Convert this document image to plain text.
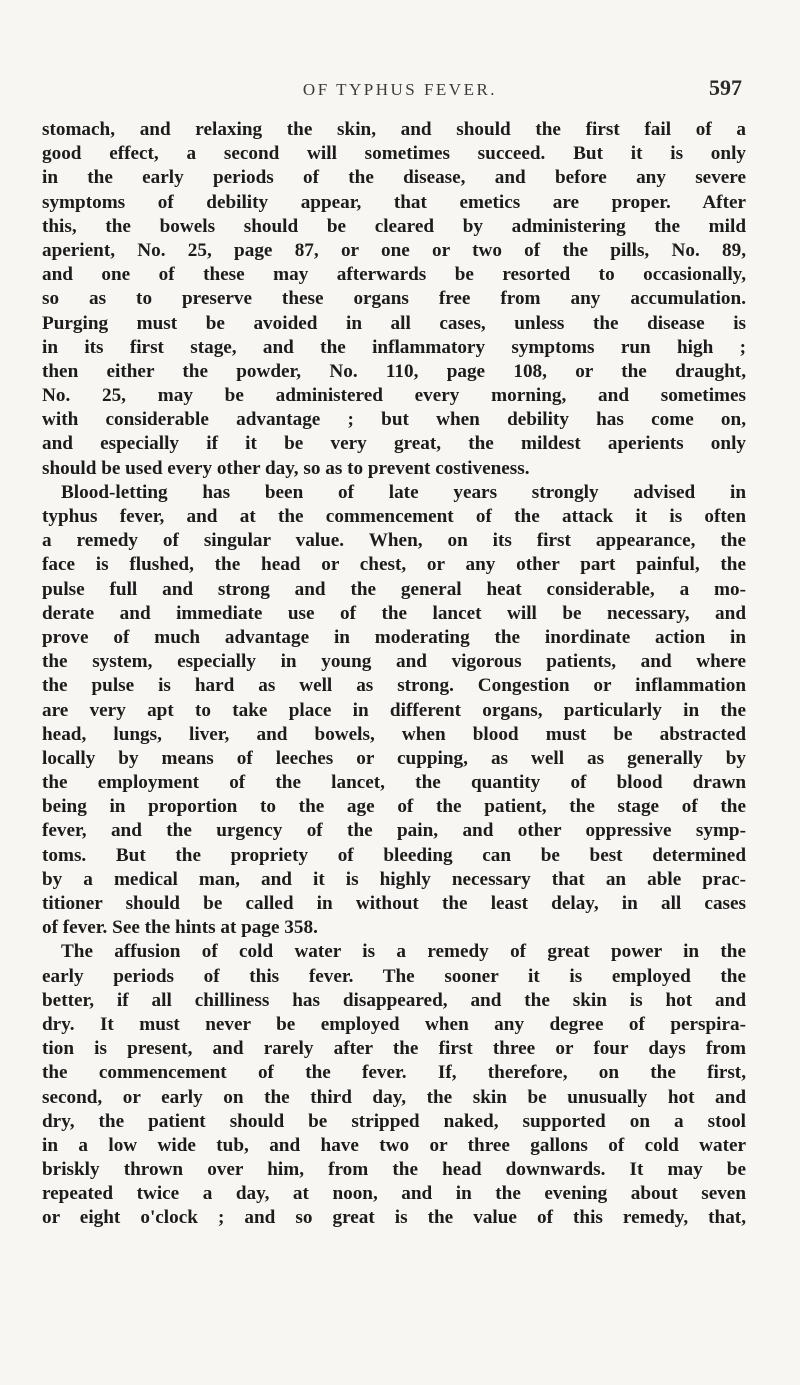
OF TYPHUS FEVER.	597
stomach, and relaxing the skin, and should the first fail of a
good effect, a second will sometimes succeed. But it is only
in the early periods of the disease, and before any severe
symptoms of debility appear, that emetics are proper. After
this, the bowels should be cleared by administering the mild
aperient, No. 25, page 87, or one or two of the pills, No. 89,
and one of these may afterwards be resorted to occasionally,
so as to preserve these organs free from any accumulation.
Purging must be avoided in all cases, unless the disease is
in its first stage, and the inflammatory symptoms run high ;
then either the powder, No. 110, page 108, or the draught,
No. 25, may be administered every morning, and sometimes
with considerable advantage ; but when debility has come on,
and especially if it be very great, the mildest aperients only
should be used every other day, so as to prevent costiveness.
Blood-letting has been of late years strongly advised in
typhus fever, and at the commencement of the attack it is often
a remedy of singular value. When, on its first appearance, the
face is flushed, the head or chest, or any other part painful, the
pulse full and strong and the general heat considerable, a mo-
derate and immediate use of the lancet will be necessary, and
prove of much advantage in moderating the inordinate action in
the system, especially in young and vigorous patients, and where
the pulse is hard as well as strong. Congestion or inflammation
are very apt to take place in different organs, particularly in the
head, lungs, liver, and bowels, when blood must be abstracted
locally by means of leeches or cupping, as well as generally by
the employment of the lancet, the quantity of blood drawn
being in proportion to the age of the patient, the stage of the
fever, and the urgency of the pain, and other oppressive symp-
toms. But the propriety of bleeding can be best determined
by a medical man, and it is highly necessary that an able prac-
titioner should be called in without the least delay, in all cases
of fever. See the hints at page 358.
The affusion of cold water is a remedy of great power in the
early periods of this fever. The sooner it is employed the
better, if all chilliness has disappeared, and the skin is hot and
dry. It must never be employed when any degree of perspira-
tion is present, and rarely after the first three or four days from
the commencement of the fever. If, therefore, on the first,
second, or early on the third day, the skin be unusually hot and
dry, the patient should be stripped naked, supported on a stool
in a low wide tub, and have two or three gallons of cold water
briskly thrown over him, from the head downwards. It may be
repeated twice a day, at noon, and in the evening about seven
or eight o'clock ; and so great is the value of this remedy, that,
